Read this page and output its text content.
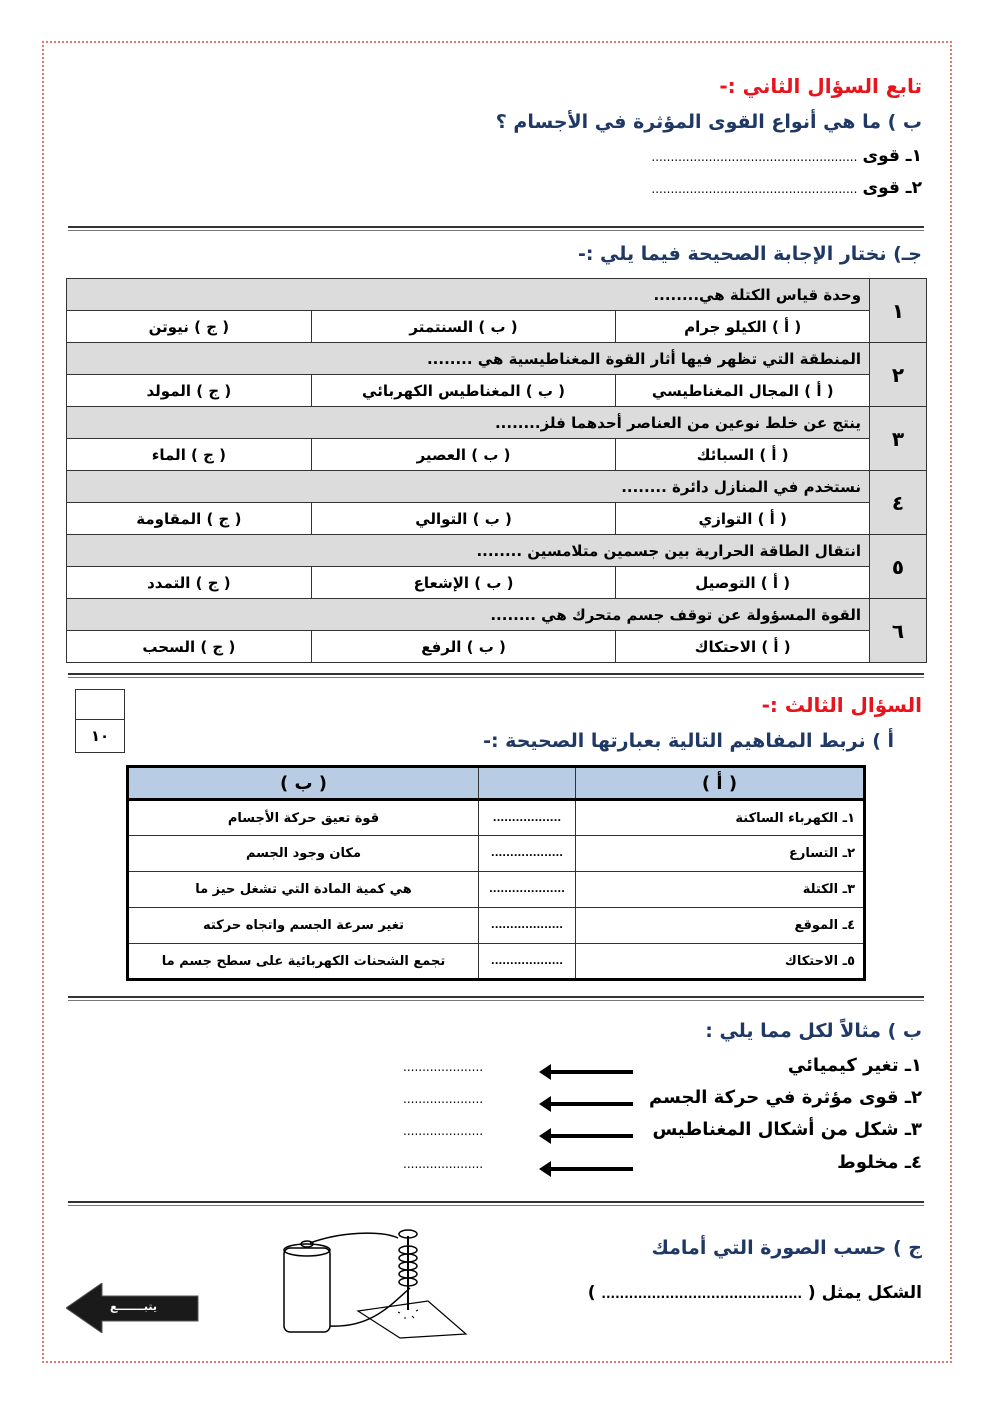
تابع السؤال الثاني :-
ب ) ما هي أنواع القوى المؤثرة في الأجسام ؟
١ـ قوى ......................................................
٢ـ قوى ......................................................
جـ) نختار الإجابة الصحيحة فيما يلي :-
١	وحدة قياس الكتلة هي........		
	( أ ) الكيلو جرام	( ب ) السنتمتر	( ج ) نيوتن
٢	المنطقة التي تظهر فيها أثار القوة المغناطيسية هي ........		
	( أ ) المجال المغناطيسي	( ب ) المغناطيس الكهربائي	( ج ) المولد
٣	ينتج عن خلط نوعين من العناصر أحدهما فلز........		
	( أ ) السبائك	( ب ) العصير	( ج ) الماء
٤	نستخدم في المنازل دائرة ........		
	( أ ) التوازي	( ب ) التوالي	( ج ) المقاومة
٥	انتقال الطاقة الحرارية بين جسمين متلامسين ........		
	( أ ) التوصيل	( ب ) الإشعاع	( ج ) التمدد
٦	القوة المسؤولة عن توقف جسم متحرك هي ........		
	( أ ) الاحتكاك	( ب ) الرفع	( ج ) السحب
١٠
السؤال الثالث :-
أ ) نربط المفاهيم التالية بعبارتها الصحيحة :-
( أ )		( ب )
١ـ الكهرباء الساكنة	..................	قوة تعيق حركة الأجسام
٢ـ التسارع	...................	مكان وجود الجسم
٣ـ الكتلة	....................	هي كمية المادة التي تشغل حيز ما
٤ـ الموقع	...................	تغير سرعة الجسم واتجاه حركته
٥ـ الاحتكاك	...................	تجمع الشحنات الكهربائية على سطح جسم ما
ب ) مثالاً لكل مما يلي :
١ـ تغير كيميائي
.....................
٢ـ قوى مؤثرة في حركة الجسم
.....................
٣ـ شكل من أشكال المغناطيس
.....................
٤ـ مخلوط
.....................
ج ) حسب الصورة التي أمامك
الشكل يمثل ( ............................................ )
يتبـــــــع
